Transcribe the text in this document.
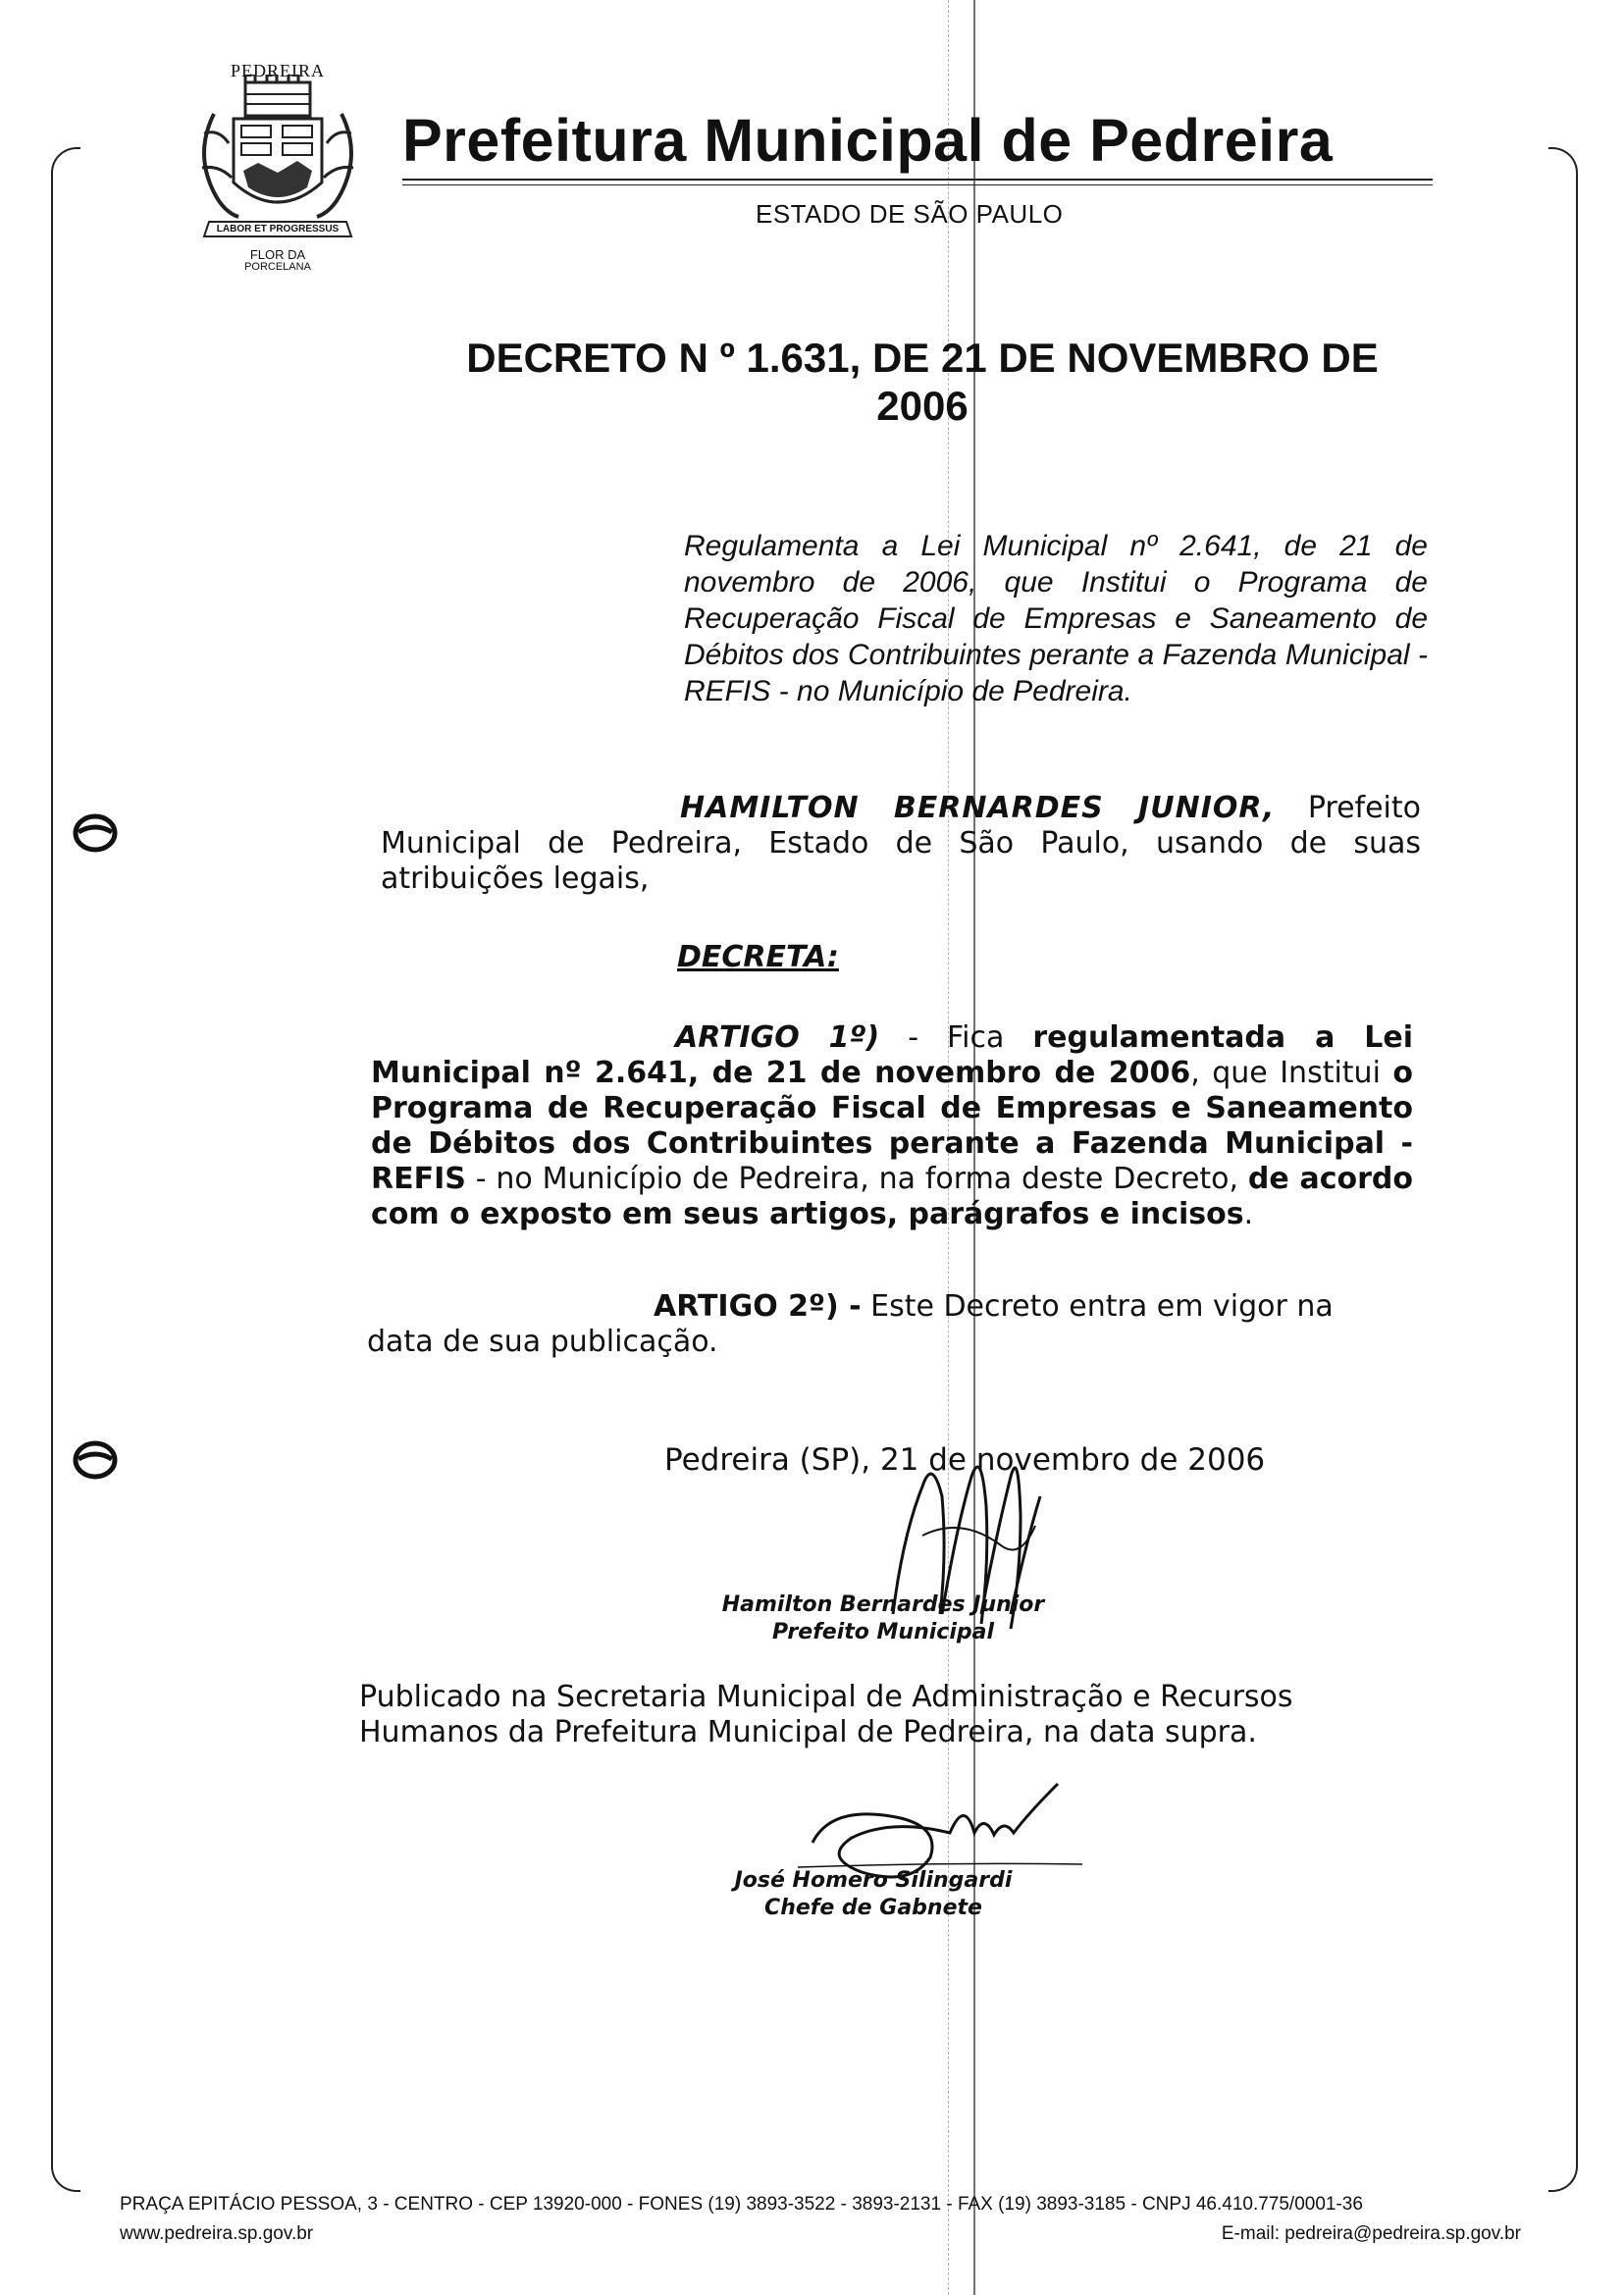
PEDREIRA
LABOR ET PROGRESSUS
FLOR DA
PORCELANA
Prefeitura Municipal de Pedreira
ESTADO DE SÃO PAULO
DECRETO N º 1.631, DE 21 DE NOVEMBRO DE
2006
Regulamenta a Lei Municipal nº 2.641, de 21 de novembro de 2006, que Institui o Programa de Recuperação Fiscal de Empresas e Saneamento de Débitos dos Contribuintes perante a Fazenda Municipal - REFIS - no Município de Pedreira.
HAMILTON BERNARDES JUNIOR, Prefeito Municipal de Pedreira, Estado de São Paulo, usando de suas atribuições legais,
DECRETA:
ARTIGO 1º) - Fica regulamentada a Lei Municipal nº 2.641, de 21 de novembro de 2006, que Institui o Programa de Recuperação Fiscal de Empresas e Saneamento de Débitos dos Contribuintes perante a Fazenda Municipal - REFIS - no Município de Pedreira, na forma deste Decreto, de acordo com o exposto em seus artigos, parágrafos e incisos.
ARTIGO 2º) - Este Decreto entra em vigor na data de sua publicação.
Pedreira (SP), 21 de novembro de 2006
Hamilton Bernardes Junior
Prefeito Municipal
Publicado na Secretaria Municipal de Administração e Recursos Humanos da Prefeitura Municipal de Pedreira, na data supra.
José Homero Silingardi
Chefe de Gabnete
PRAÇA EPITÁCIO PESSOA, 3 - CENTRO - CEP 13920-000 - FONES (19) 3893-3522 - 3893-2131 - FAX (19) 3893-3185 - CNPJ 46.410.775/0001-36
www.pedreira.sp.gov.br	E-mail: pedreira@pedreira.sp.gov.br
